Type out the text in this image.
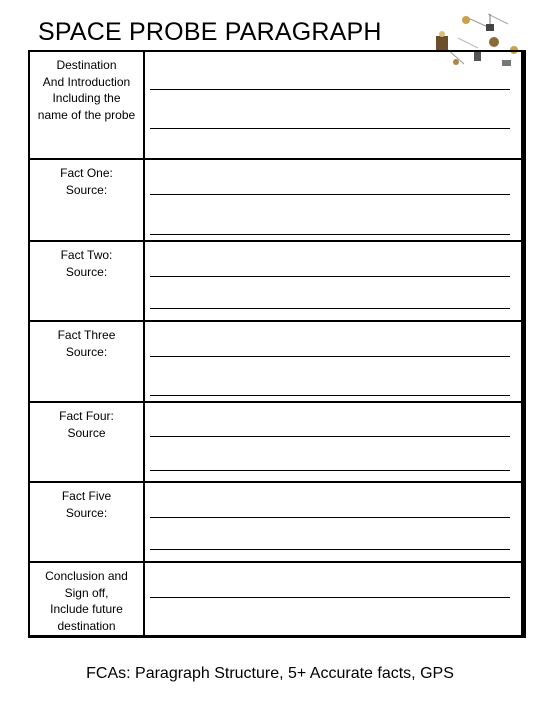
SPACE PROBE PARAGRAPH
Destination
And Introduction
Including the
name of the probe
Fact One:
Source:
Fact Two:
Source:
Fact Three
Source:
Fact Four:
Source
Fact Five
Source:
Conclusion and
Sign off,
Include future
destination
FCAs: Paragraph Structure, 5+ Accurate facts, GPS
